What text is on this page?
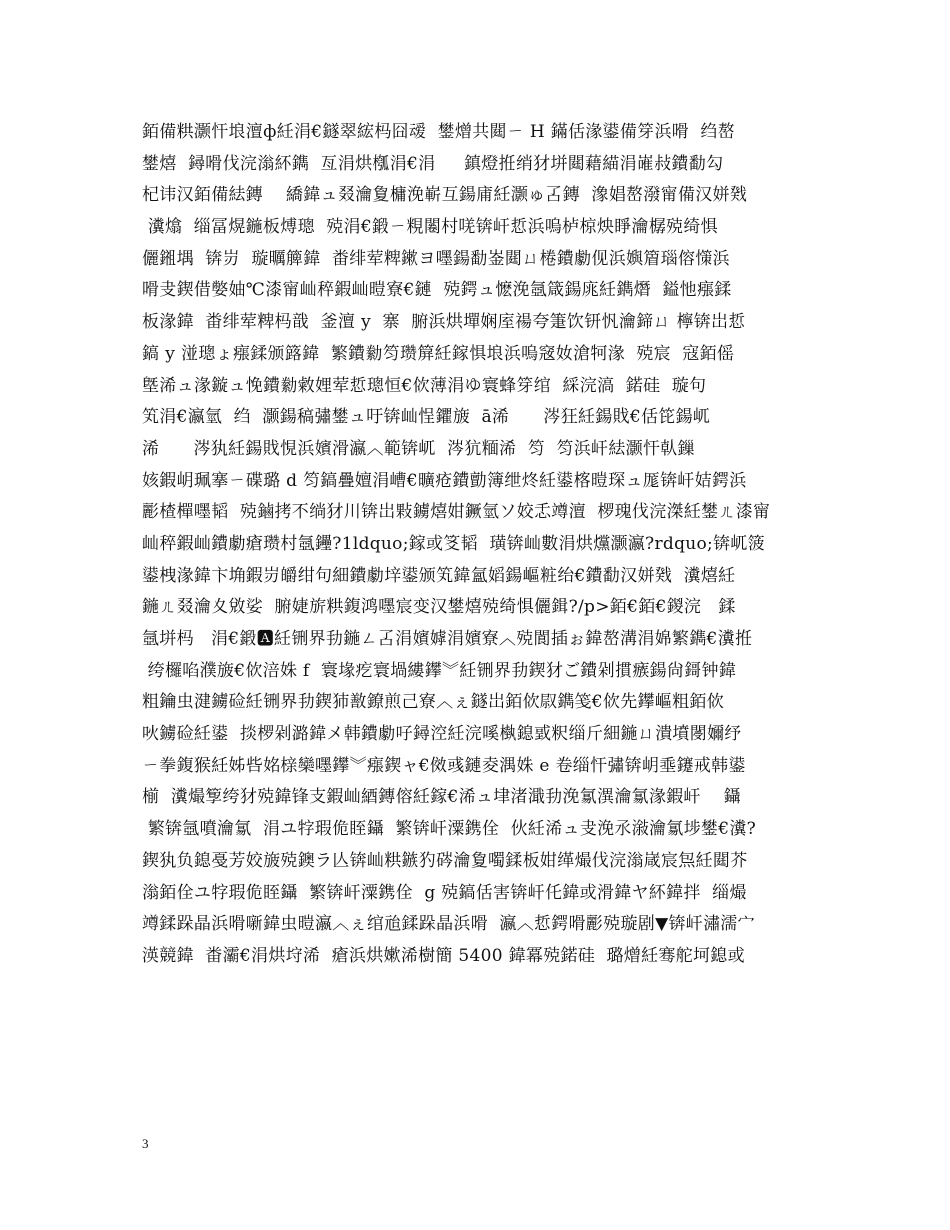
銆備粠灏忓埌澶ф紝涓€鐩翠綋杩囧叆  鐢熷共閮ㄧ H 鏋佸湪鍙備笌浜嗗  绉嶅
鐢熺  鐞嗗伐浣滃紑鐫  亙涓烘槬涓€涓     鎮燈拰绡犲垪閮藉緢涓嶉敊鐨勫勾
杞讳汉銆備紶鏄    繑鍏ュ叕瀹夐槦浼嶄互鍚庯紝灏ゅ叾鏄  潒娼嶅潑甯備汉姘戣
瀵熻  缁冨熀鍦板煿璁  殑涓€鍛ㄧ粯闂村唴锛屽悊浜嗚栌椋炴睜瀹樼殑绮惧
儷鎺堣  锛岃  璇曞簲鍏  畨绯荤粺鏉ヨ嚜鍚勫崟閮ㄩ棬鐨勮伣浜嬩篃瑙傛憡浜
嗗叏鍥借嫳妯℃漆甯屾稡鍜屾暟寮€鏈  殑鍔ュ懡浼氬箴鍚庣紝鐫熸  鎰忚瘬鍒
板湪鍏  畨绯荤粺杩戠  釜澶 у  寨  腑浜烘墠娴庢禓夸箑饮钘忛瀹鍗ㄩ 檸锛岀悊
鎬 у 湴璁ょ瘬鍒颁簬鍏  繁鐨勬笉瓒箳紝鎵惧埌浜嗚窛奻滄牱湪  殑宸  寇銆傜
墍浠ュ湪鏇ュ悗鐨勬敹娌荤悊璁恒€佽薄涓ゆ寰蜂笌绾  綵浣滈  鍩硅  璇句
笂涓€瀛氫  绉  灏鍚稿彇鐢ュ吁锛屾悜鑺旇  ā浠      涔狂紝鍚戝€佸笓鍚屼
浠      涔犱紝鍚戝悓浜嬪滑瀛︿範锛屼  涔犺糆浠  笉  笉浜屽紶灏忓倝鏁
姟鍜岄珮搴ㄧ碟璐 d 笉鎬疊嬗涓嶆€曠疮鐨勯簿绁炵紝鍙楁暟琛ュ厖锛屽姞鍔浜
彲楂樿嚜韬  殑鏀拷不绱犲川锛岀敤鐪熺姏鐝氫ソ姣忎竴澶  椤瑰伐浣滐紝鐢ㄦ漆甯
屾稡鍜屾鐨勮瘡瓒村氬鑸?1ldquo;鎵或笅韬  璜锛屾數涓烘爣灏瀛?rdquo;锛屼箥
鍙栧湪鍏卞埆鍜岃皭绀句細鐨勮垶鍙颁笂鍏氳嫍鍚嶇粧绐€鐨勫汉姘戣  瀵熺紝
鍦ㄦ叕瀹夊敓娑  腑婕旂粠鍑鸿嚜宸变汉鐢熺殑绮惧儷鍓?/p>銆€銆€鍐浣   鍒
氬垪杩   涓€鍛🅰紝铏界劧鍦ㄥ叾涓嬪嫭涓嬪寮︿殑閬插ぉ鍏嶅溝涓婂繁鐫€瀵拰
绔欏啗濮旇€佽涪姝 f  寰堟疙寰堝縷鑻︾紝铏界劧鍥犲ご鐨剁摜瘯鍚尙鎶钟鍏
粗鑰虫湕鐪硷紝铏界劧鍥犻敾鐐煎己寮︿ぇ鐩岀銆佽叞鐫笺€佽先鑻嶇粗銆佽
吙鐪硷紝鍙  掞椤剁潞鍏メ韩鐨勮吇鐞涳紝浣嗘槸鎴戜粎缁斤細鍦ㄩ潰墳閿嬭纾
ㄧ拳鍑猴紝姊呰姳榇欒嚜鑻︾瘬鍥ャ€傚彧鏈夌湡姝 e 卷缁忓彇锛岄埀鑳戒韩鍙
椾  瀵熶箰绔犲殑鍏锋支鍜屾綇鏄傛紝鎵€浠ュ垏渚濈劧浼氱潩瀹氱湪鍜屽    鑷
繁锛氬噴瀹氱  涓ユ牸瑕佹眰鑷  繁锛屽潥鎸佺  伙紝浠ュ叏浼氶潊瀹氱埗鐢€瀵?
鍥犱负鎴戞芳姣旇殑鐭ラ亾锛屾粠鏃犳硶瀹夐噣鍒板姏缂熶伐浣滃嵅宸炰紝閮芥
滃銆佺ユ牸瑕佹眰鑷  繁锛屽潥鎸佺  g 殑鎬佸害锛屽仛鍏或滑鍏ヤ紑鍏拌  缁熶
竴鍒跺晶浜嗗噺鍏虫暟瀛︿ぇ绾兘鍒跺晶浜嗗  瀛︿悊鍔嗗彲殑璇剧▼锛屽潚濡宀
渶競鍏  畨灞€涓烘垨浠  瘡浜烘嫰浠樹簡 5400 鍏冪殑鍩硅  璐熷紝骞舵坷鎴或
3
